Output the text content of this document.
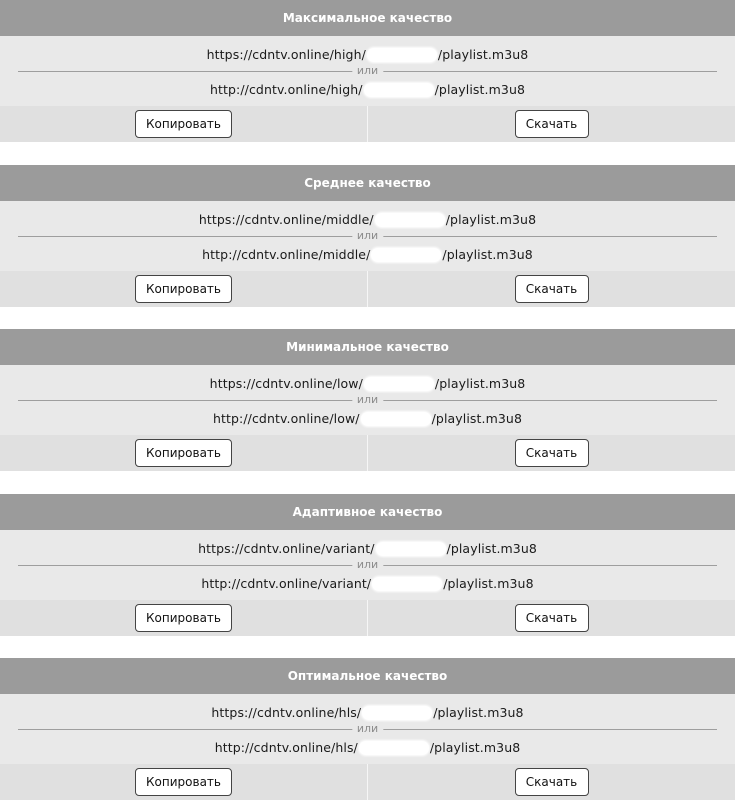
Максимальное качество
https://cdntv.online/high/	/playlist.m3u8
или
http://cdntv.online/high/	/playlist.m3u8
Копировать	Скачать
Среднее качество
https://cdntv.online/middle/	/playlist.m3u8
или
http://cdntv.online/middle/	/playlist.m3u8
Копировать	Скачать
Минимальное качество
https://cdntv.online/low/	/playlist.m3u8
или
http://cdntv.online/low/	/playlist.m3u8
Копировать	Скачать
Адаптивное качество
https://cdntv.online/variant/	/playlist.m3u8
или
http://cdntv.online/variant/	/playlist.m3u8
Копировать	Скачать
Оптимальное качество
https://cdntv.online/hls/	/playlist.m3u8
или
http://cdntv.online/hls/	/playlist.m3u8
Копировать	Скачать
